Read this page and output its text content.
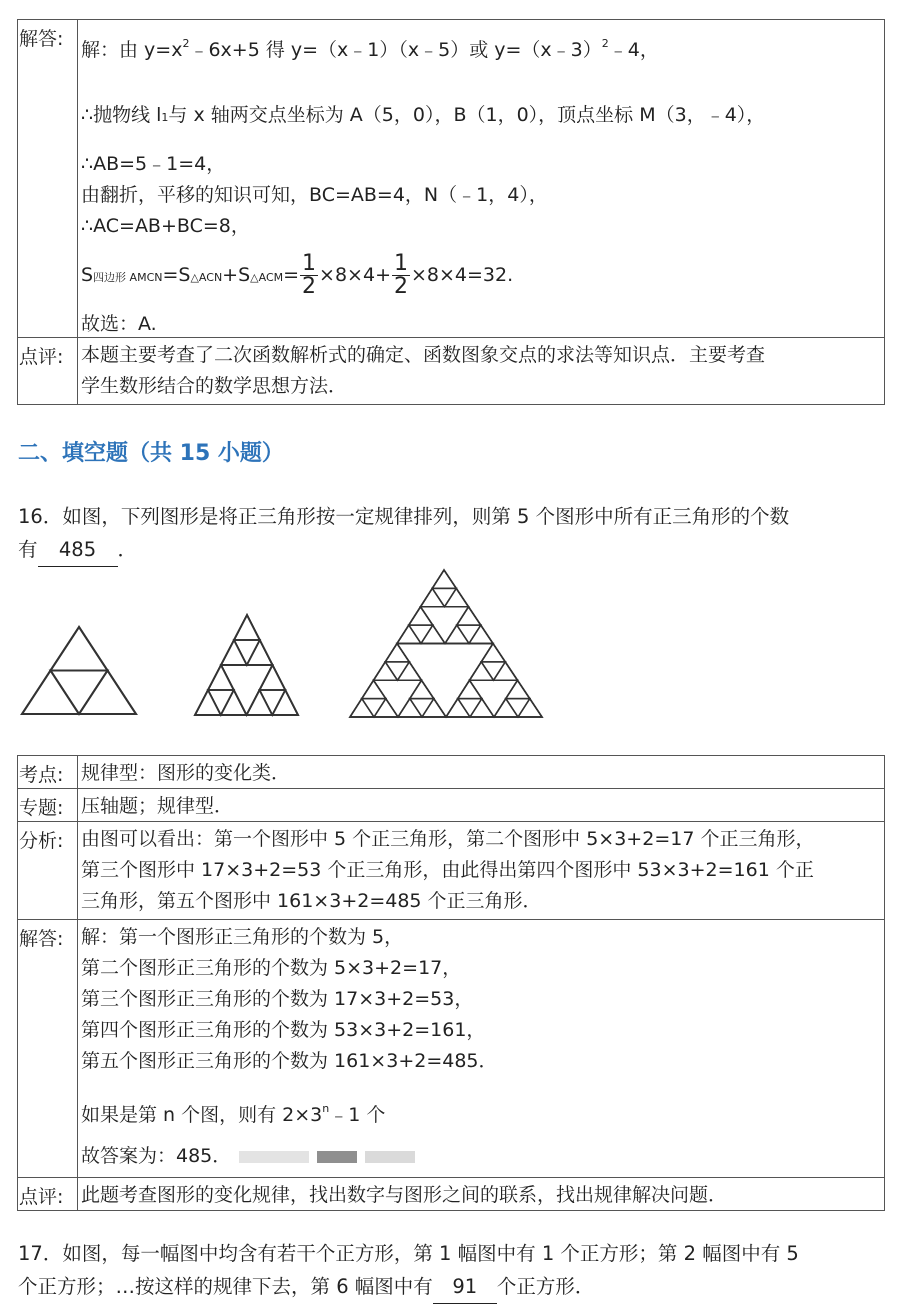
解答: 解：由 $y=x^2﹣6x+5$ 得 y=（x﹣1）（x﹣5）或 y=（x﹣3）$^2$﹣4，
∴抛物线 l1与 x 轴两交点坐标为 A（5，0），B（1，0），顶点坐标 M（3，﹣4），
∴AB=5﹣1=4，
由翻折，平移的知识可知，BC=AB=4，N（﹣1，4），
∴AC=AB+BC=8，
S四边形 AMCN=S△ACN+S△ACM= $\frac{1}{2} \times 8\times 4+ \frac{1}{2} \times 8\times 4=32$.
故选：A.
点评: 本题主要考查了二次函数解析式的确定、函数图象交点的求法等知识点．主要考查
学生数形结合的数学思想方法．
二、填空题（共 15 小题）
16．如图，下列图形是将正三角形按一定规律排列，则第 5 个图形中所有正三角形的个数
有 485 ．
考点: 规律型：图形的变化类．
专题: 压轴题；规律型．
分析: 由图可以看出：第一个图形中 5 个正三角形，第二个图形中 5×3+2=17 个正三角形，
第三个图形中 17×3+2=53 个正三角形，由此得出第四个图形中 53×3+2=161 个正
三角形，第五个图形中 161×3+2=485 个正三角形．
解答: 解：第一个图形正三角形的个数为 5，
第二个图形正三角形的个数为 5×3+2=17，
第三个图形正三角形的个数为 17×3+2=53，
第四个图形正三角形的个数为 53×3+2=161，
第五个图形正三角形的个数为 161×3+2=485．
如果是第 n 个图，则有 $2\times 3^n﹣1$ 个
故答案为：485．
点评: 此题考查图形的变化规律，找出数字与图形之间的联系，找出规律解决问题．
17．如图，每一幅图中均含有若干个正方形，第 1 幅图中有 1 个正方形；第 2 幅图中有 5
个正方形；…按这样的规律下去，第 6 幅图中有 91 个正方形．
